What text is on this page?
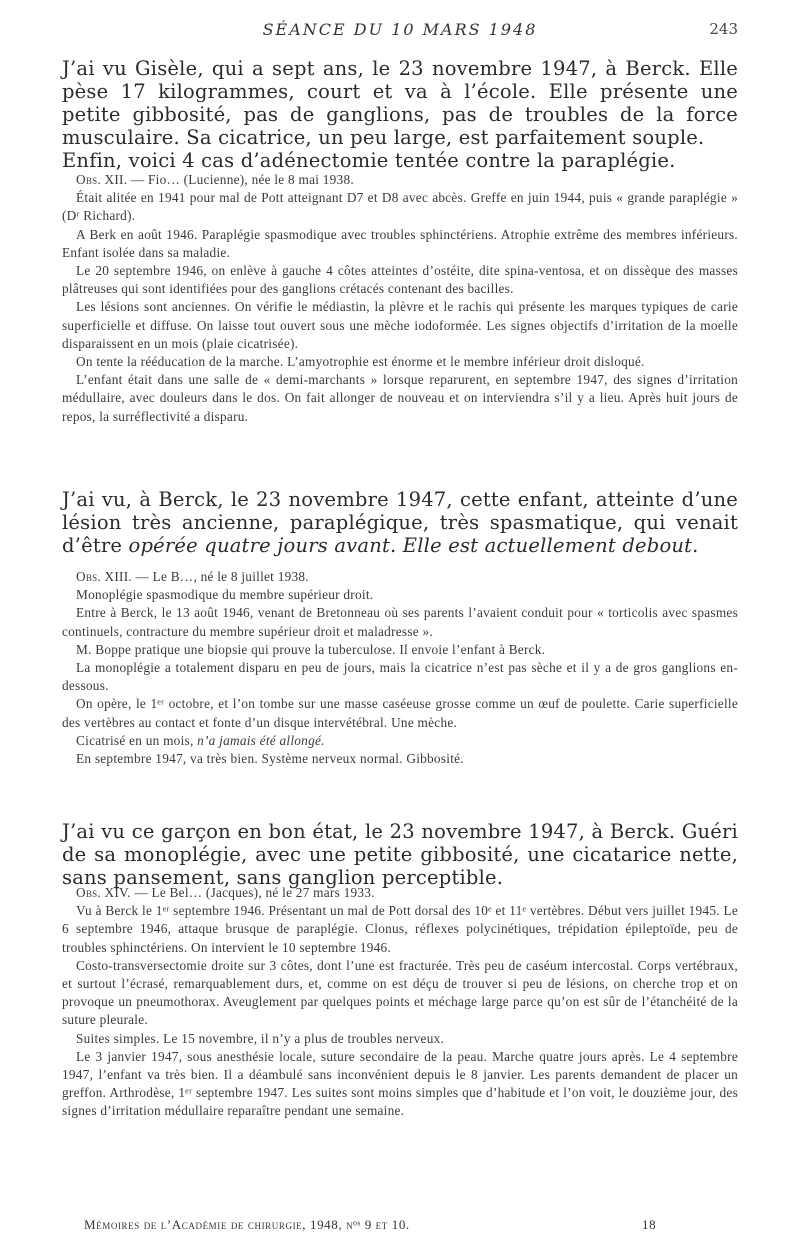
SÉANCE DU 10 MARS 1948	243

J’ai vu Gisèle, qui a sept ans, le 23 novembre 1947, à Berck. Elle pèse 17 kilogrammes, court et va à l’école. Elle présente une petite gibbosité, pas de ganglions, pas de troubles de la force musculaire. Sa cicatrice, un peu large, est parfaitement souple.

Enfin, voici 4 cas d’adénectomie tentée contre la paraplégie.

Obs. XII. — Fio… (Lucienne), née le 8 mai 1938.

Était alitée en 1941 pour mal de Pott atteignant D7 et D8 avec abcès. Greffe en juin 1944, puis « grande paraplégie » (Dʳ Richard).

A Berk en août 1946. Paraplégie spasmodique avec troubles sphinctériens. Atrophie extrême des membres inférieurs. Enfant isolée dans sa maladie.

Le 20 septembre 1946, on enlève à gauche 4 côtes atteintes d’ostéite, dite spina-ventosa, et on dissèque des masses plâtreuses qui sont identifiées pour des ganglions crétacés contenant des bacilles.

Les lésions sont anciennes. On vérifie le médiastin, la plèvre et le rachis qui présente les marques typiques de carie superficielle et diffuse. On laisse tout ouvert sous une mèche iodoformée. Les signes objectifs d’irritation de la moelle disparaissent en un mois (plaie cicatrisée).

On tente la rééducation de la marche. L’amyotrophie est énorme et le membre inférieur droit disloqué.

L’enfant était dans une salle de « demi-marchants » lorsque reparurent, en septembre 1947, des signes d’irritation médullaire, avec douleurs dans le dos. On fait allonger de nouveau et on interviendra s’il y a lieu. Après huit jours de repos, la surréflectivité a disparu.

J’ai vu, à Berck, le 23 novembre 1947, cette enfant, atteinte d’une lésion très ancienne, paraplégique, très spasmatique, qui venait d’être opérée quatre jours avant. Elle est actuellement debout.

Obs. XIII. — Le B…, né le 8 juillet 1938.

Monoplégie spasmodique du membre supérieur droit.

Entre à Berck, le 13 août 1946, venant de Bretonneau où ses parents l’avaient conduit pour « torticolis avec spasmes continuels, contracture du membre supérieur droit et maladresse ».

M. Boppe pratique une biopsie qui prouve la tuberculose. Il envoie l’enfant à Berck.

La monoplégie a totalement disparu en peu de jours, mais la cicatrice n’est pas sèche et il y a de gros ganglions en-dessous.

On opère, le 1ᵉʳ octobre, et l’on tombe sur une masse caséeuse grosse comme un œuf de poulette. Carie superficielle des vertèbres au contact et fonte d’un disque intervétébral. Une mèche.

Cicatrisé en un mois, n’a jamais été allongé.

En septembre 1947, va très bien. Système nerveux normal. Gibbosité.

J’ai vu ce garçon en bon état, le 23 novembre 1947, à Berck. Guéri de sa monoplégie, avec une petite gibbosité, une cicatarice nette, sans pansement, sans ganglion perceptible.

Obs. XIV. — Le Bel… (Jacques), né le 27 mars 1933.

Vu à Berck le 1ᵉʳ septembre 1946. Présentant un mal de Pott dorsal des 10ᵉ et 11ᵉ vertèbres. Début vers juillet 1945. Le 6 septembre 1946, attaque brusque de paraplégie. Clonus, réflexes polycinétiques, trépidation épileptoïde, peu de troubles sphinctériens. On intervient le 10 septembre 1946.

Costo-transversectomie droite sur 3 côtes, dont l’une est fracturée. Très peu de caséum intercostal. Corps vertébraux, et surtout l’écrasé, remarquablement durs, et, comme on est déçu de trouver si peu de lésions, on cherche trop et on provoque un pneumothorax. Aveuglement par quelques points et méchage large parce qu’on est sûr de l’étanchéité de la suture pleurale.

Suites simples. Le 15 novembre, il n’y a plus de troubles nerveux.

Le 3 janvier 1947, sous anesthésie locale, suture secondaire de la peau. Marche quatre jours après. Le 4 septembre 1947, l’enfant va très bien. Il a déambulé sans inconvénient depuis le 8 janvier. Les parents demandent de placer un greffon. Arthrodèse, 1ᵉʳ septembre 1947. Les suites sont moins simples que d’habitude et l’on voit, le douzième jour, des signes d’irritation médullaire reparaître pendant une semaine.

Mémoires de l’Académie de chirurgie, 1948, nᵒˢ 9 et 10.	18
